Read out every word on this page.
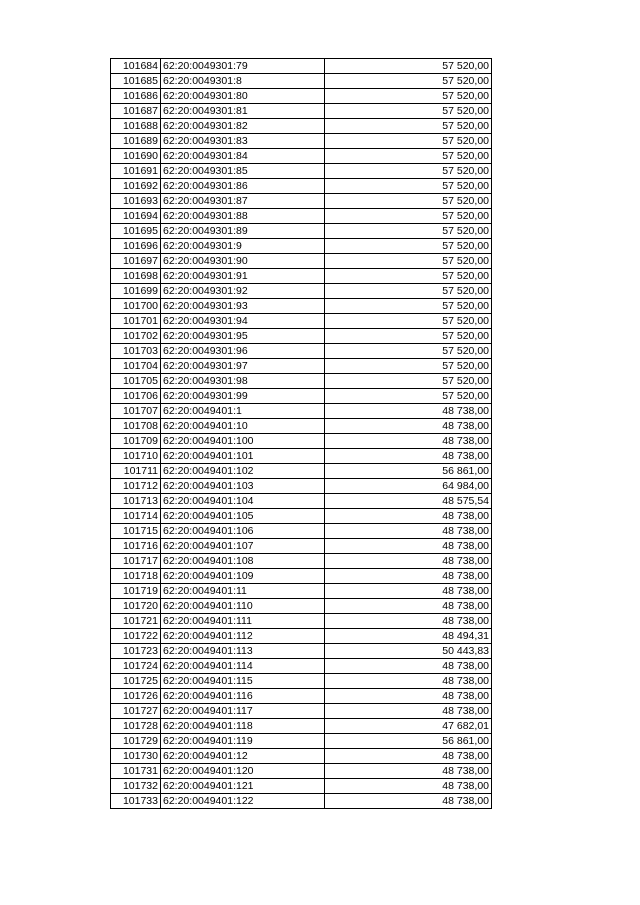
101684	62:20:0049301:79	57 520,00
101685	62:20:0049301:8	57 520,00
101686	62:20:0049301:80	57 520,00
101687	62:20:0049301:81	57 520,00
101688	62:20:0049301:82	57 520,00
101689	62:20:0049301:83	57 520,00
101690	62:20:0049301:84	57 520,00
101691	62:20:0049301:85	57 520,00
101692	62:20:0049301:86	57 520,00
101693	62:20:0049301:87	57 520,00
101694	62:20:0049301:88	57 520,00
101695	62:20:0049301:89	57 520,00
101696	62:20:0049301:9	57 520,00
101697	62:20:0049301:90	57 520,00
101698	62:20:0049301:91	57 520,00
101699	62:20:0049301:92	57 520,00
101700	62:20:0049301:93	57 520,00
101701	62:20:0049301:94	57 520,00
101702	62:20:0049301:95	57 520,00
101703	62:20:0049301:96	57 520,00
101704	62:20:0049301:97	57 520,00
101705	62:20:0049301:98	57 520,00
101706	62:20:0049301:99	57 520,00
101707	62:20:0049401:1	48 738,00
101708	62:20:0049401:10	48 738,00
101709	62:20:0049401:100	48 738,00
101710	62:20:0049401:101	48 738,00
101711	62:20:0049401:102	56 861,00
101712	62:20:0049401:103	64 984,00
101713	62:20:0049401:104	48 575,54
101714	62:20:0049401:105	48 738,00
101715	62:20:0049401:106	48 738,00
101716	62:20:0049401:107	48 738,00
101717	62:20:0049401:108	48 738,00
101718	62:20:0049401:109	48 738,00
101719	62:20:0049401:11	48 738,00
101720	62:20:0049401:110	48 738,00
101721	62:20:0049401:111	48 738,00
101722	62:20:0049401:112	48 494,31
101723	62:20:0049401:113	50 443,83
101724	62:20:0049401:114	48 738,00
101725	62:20:0049401:115	48 738,00
101726	62:20:0049401:116	48 738,00
101727	62:20:0049401:117	48 738,00
101728	62:20:0049401:118	47 682,01
101729	62:20:0049401:119	56 861,00
101730	62:20:0049401:12	48 738,00
101731	62:20:0049401:120	48 738,00
101732	62:20:0049401:121	48 738,00
101733	62:20:0049401:122	48 738,00
